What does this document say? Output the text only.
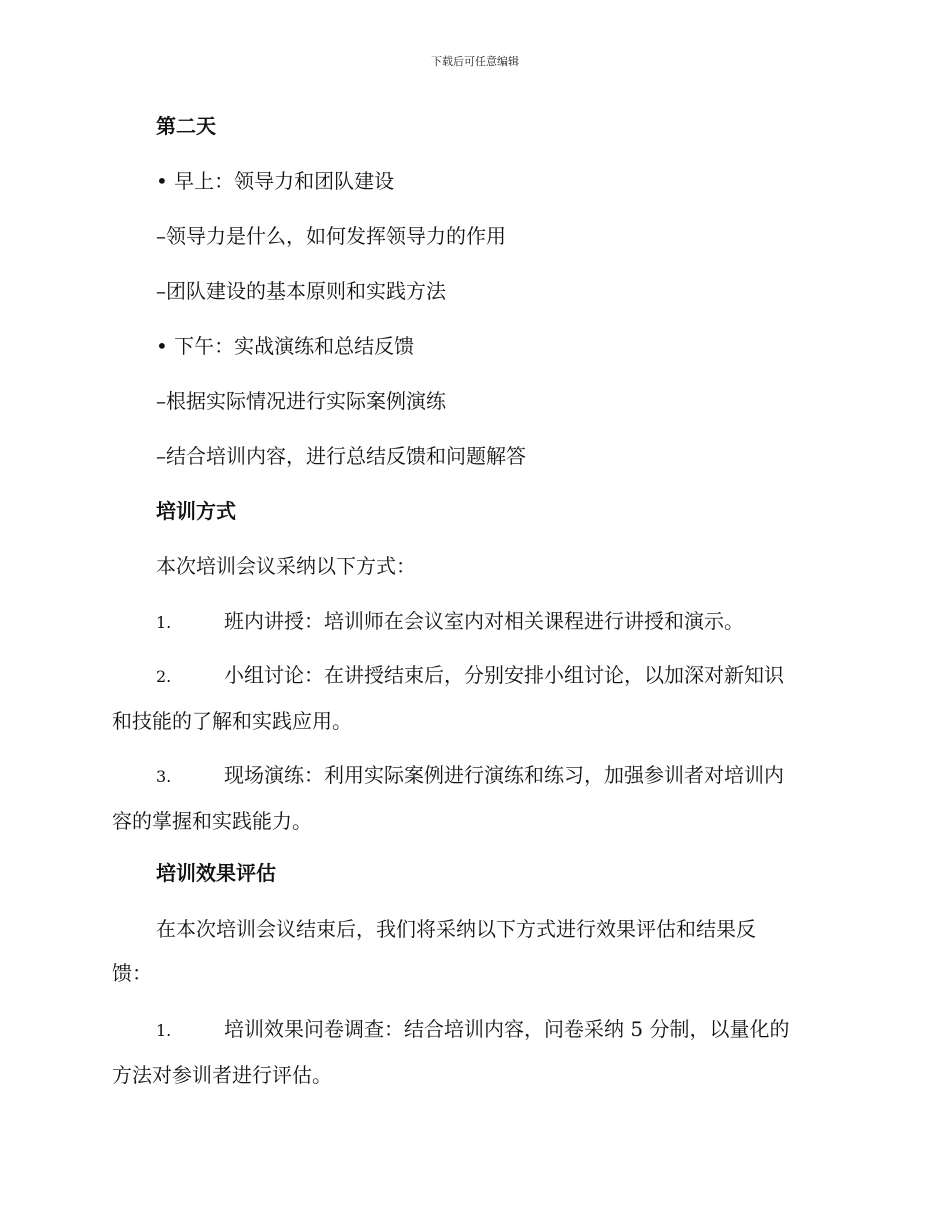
下载后可任意编辑

第二天

• 早上：领导力和团队建设

–领导力是什么，如何发挥领导力的作用

–团队建设的基本原则和实践方法

• 下午：实战演练和总结反馈

–根据实际情况进行实际案例演练

–结合培训内容，进行总结反馈和问题解答

培训方式

本次培训会议采纳以下方式：

1.	班内讲授：培训师在会议室内对相关课程进行讲授和演示。

2.	小组讨论：在讲授结束后，分别安排小组讨论，以加深对新知识
和技能的了解和实践应用。
3.	现场演练：利用实际案例进行演练和练习，加强参训者对培训内
容的掌握和实践能力。

培训效果评估

在本次培训会议结束后，我们将采纳以下方式进行效果评估和结果反
馈：
1.	培训效果问卷调查：结合培训内容，问卷采纳 5 分制，以量化的
方法对参训者进行评估。
